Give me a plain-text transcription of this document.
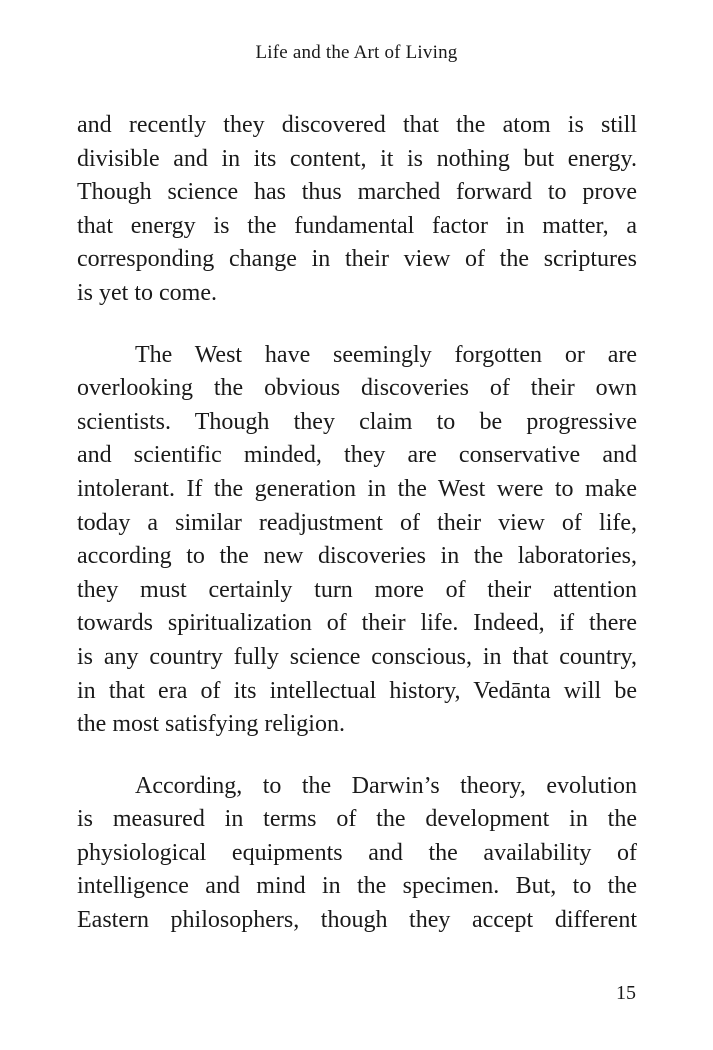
Life and the Art of Living
and recently they discovered that the atom is still
divisible and in its content, it is nothing but energy.
Though science has thus marched forward to prove
that energy is the fundamental factor in matter, a
corresponding change in their view of the scriptures
is yet to come.
The West have seemingly forgotten or are
overlooking the obvious discoveries of their own
scientists. Though they claim to be progressive
and scientific minded, they are conservative and
intolerant. If the generation in the West were to make
today a similar readjustment of their view of life,
according to the new discoveries in the laboratories,
they must certainly turn more of their attention
towards spiritualization of their life. Indeed, if there
is any country fully science conscious, in that country,
in that era of its intellectual history, Vedānta will be
the most satisfying religion.
According, to the Darwin’s theory, evolution
is measured in terms of the development in the
physiological equipments and the availability of
intelligence and mind in the specimen. But, to the
Eastern philosophers, though they accept different
15
